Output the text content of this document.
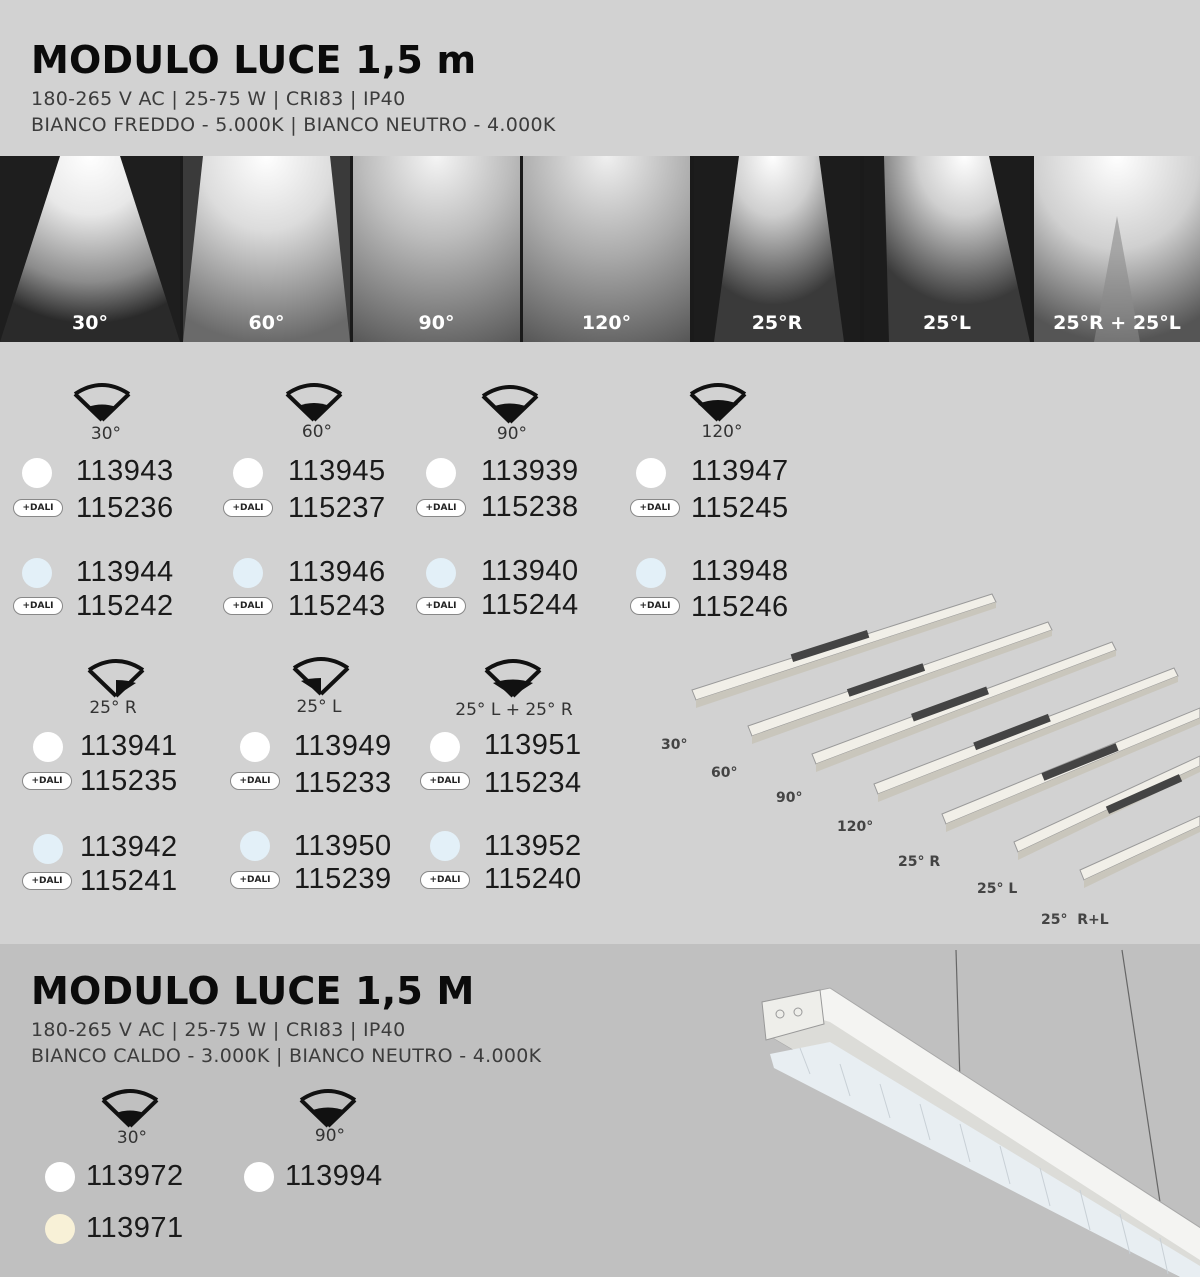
MODULO LUCE 1,5 m
180-265 V AC | 25-75 W | CRI83 | IP40
BIANCO FREDDO - 5.000K | BIANCO NEUTRO - 4.000K
30°	60°	90°	120°	25°R	25°L	25°R + 25°L
30°
113943
+DALI 115236
113944
+DALI 115242
60°
113945
+DALI 115237
113946
+DALI 115243
90°
113939
+DALI 115238
113940
+DALI 115244
120°
113947
+DALI 115245
113948
+DALI 115246
25° R
113941
+DALI 115235
113942
+DALI 115241
25° L
113949
+DALI 115233
113950
+DALI 115239
25° L + 25° R
113951
+DALI 115234
113952
+DALI 115240
30°
60°
90°
120°
25° R
25° L
25°  R+L
MODULO LUCE 1,5 M
180-265 V AC | 25-75 W | CRI83 | IP40
BIANCO CALDO - 3.000K | BIANCO NEUTRO - 4.000K
30°
113972
113971
90°
113994
